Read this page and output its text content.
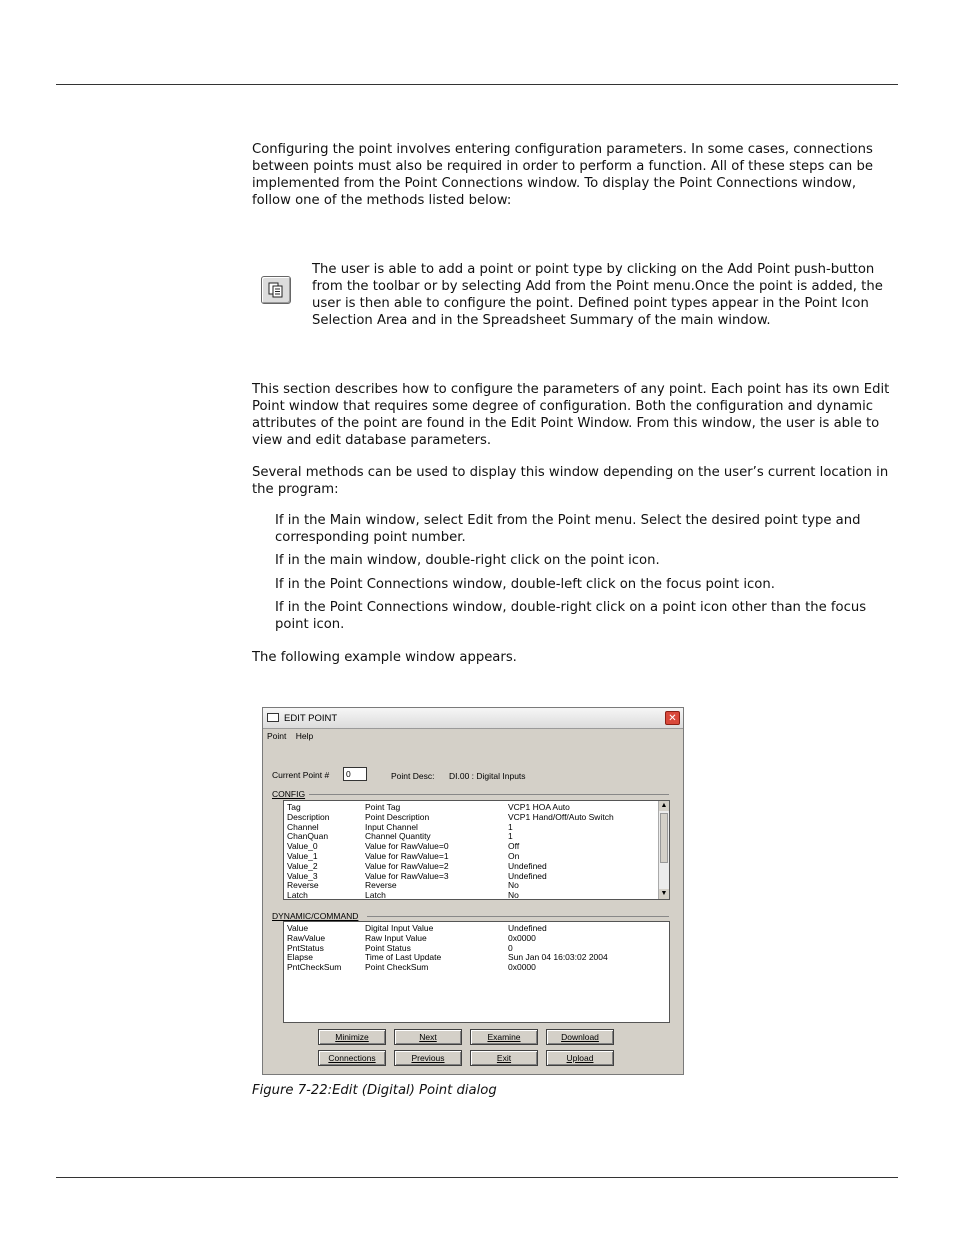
Configuring the point involves entering configuration parameters. In some cases, connections between points must also be required in order to perform a function. All of these steps can be implemented from the Point Connections window. To display the Point Connections window, follow one of the methods listed below:

The user is able to add a point or point type by clicking on the Add Point push-button from the toolbar or by selecting Add from the Point menu.Once the point is added, the user is then able to configure the point. Defined point types appear in the Point Icon Selection Area and in the Spreadsheet Summary of the main window.

This section describes how to configure the parameters of any point. Each point has its own Edit Point window that requires some degree of configuration. Both the configuration and dynamic attributes of the point are found in the Edit Point Window. From this window, the user is able to view and edit database parameters.

Several methods can be used to display this window depending on the user’s current location in the program:

If in the Main window, select Edit from the Point menu. Select the desired point type and corresponding point number.

If in the main window, double-right click on the point icon.

If in the Point Connections window, double-left click on the focus point icon.

If in the Point Connections window, double-right click on a point icon other than the focus point icon.

The following example window appears.

EDIT POINT	✕
Point Help
Current Point #	0	Point Desc: DI.00 : Digital Inputs
CONFIG
▲
▼
Tag	Point Tag	VCP1 HOA Auto
Description	Point Description	VCP1 Hand/Off/Auto Switch
Channel	Input Channel	1
ChanQuan	Channel Quantity	1
Value_0	Value for RawValue=0	Off
Value_1	Value for RawValue=1	On
Value_2	Value for RawValue=2	Undefined
Value_3	Value for RawValue=3	Undefined
Reverse	Reverse	No
Latch	Latch	No
DYNAMIC/COMMAND
Value	Digital Input Value	Undefined
RawValue	Raw Input Value	0x0000
PntStatus	Point Status	0
Elapse	Time of Last Update	Sun Jan 04 16:03:02 2004
PntCheckSum	Point CheckSum	0x0000
Minimize	Next	Examine	Download
Connections	Previous	Exit	Upload

Figure 7-22:Edit (Digital) Point dialog
